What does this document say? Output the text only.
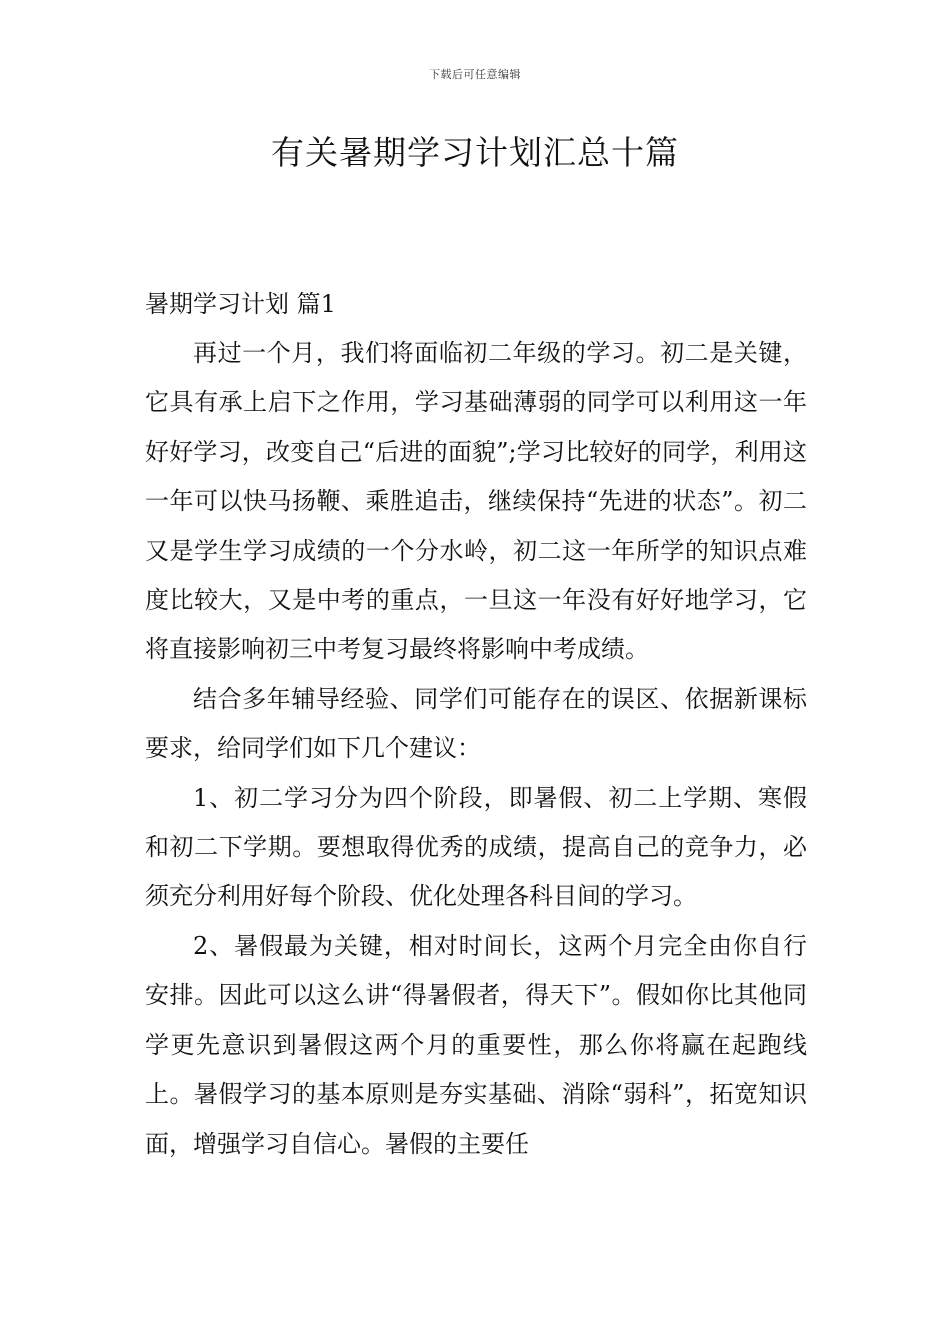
下载后可任意编辑
有关暑期学习计划汇总十篇

暑期学习计划 篇1

再过一个月，我们将面临初二年级的学习。初二是关键，它具有承上启下之作用，学习基础薄弱的同学可以利用这一年好好学习，改变自己“后进的面貌”;学习比较好的同学，利用这一年可以快马扬鞭、乘胜追击，继续保持“先进的状态”。初二又是学生学习成绩的一个分水岭，初二这一年所学的知识点难度比较大，又是中考的重点，一旦这一年没有好好地学习，它将直接影响初三中考复习最终将影响中考成绩。

结合多年辅导经验、同学们可能存在的误区、依据新课标要求，给同学们如下几个建议：

1、初二学习分为四个阶段，即暑假、初二上学期、寒假和初二下学期。要想取得优秀的成绩，提高自己的竞争力，必须充分利用好每个阶段、优化处理各科目间的学习。

2、暑假最为关键，相对时间长，这两个月完全由你自行安排。因此可以这么讲“得暑假者，得天下”。假如你比其他同学更先意识到暑假这两个月的重要性，那么你将赢在起跑线上。暑假学习的基本原则是夯实基础、消除“弱科”，拓宽知识面，增强学习自信心。暑假的主要任
